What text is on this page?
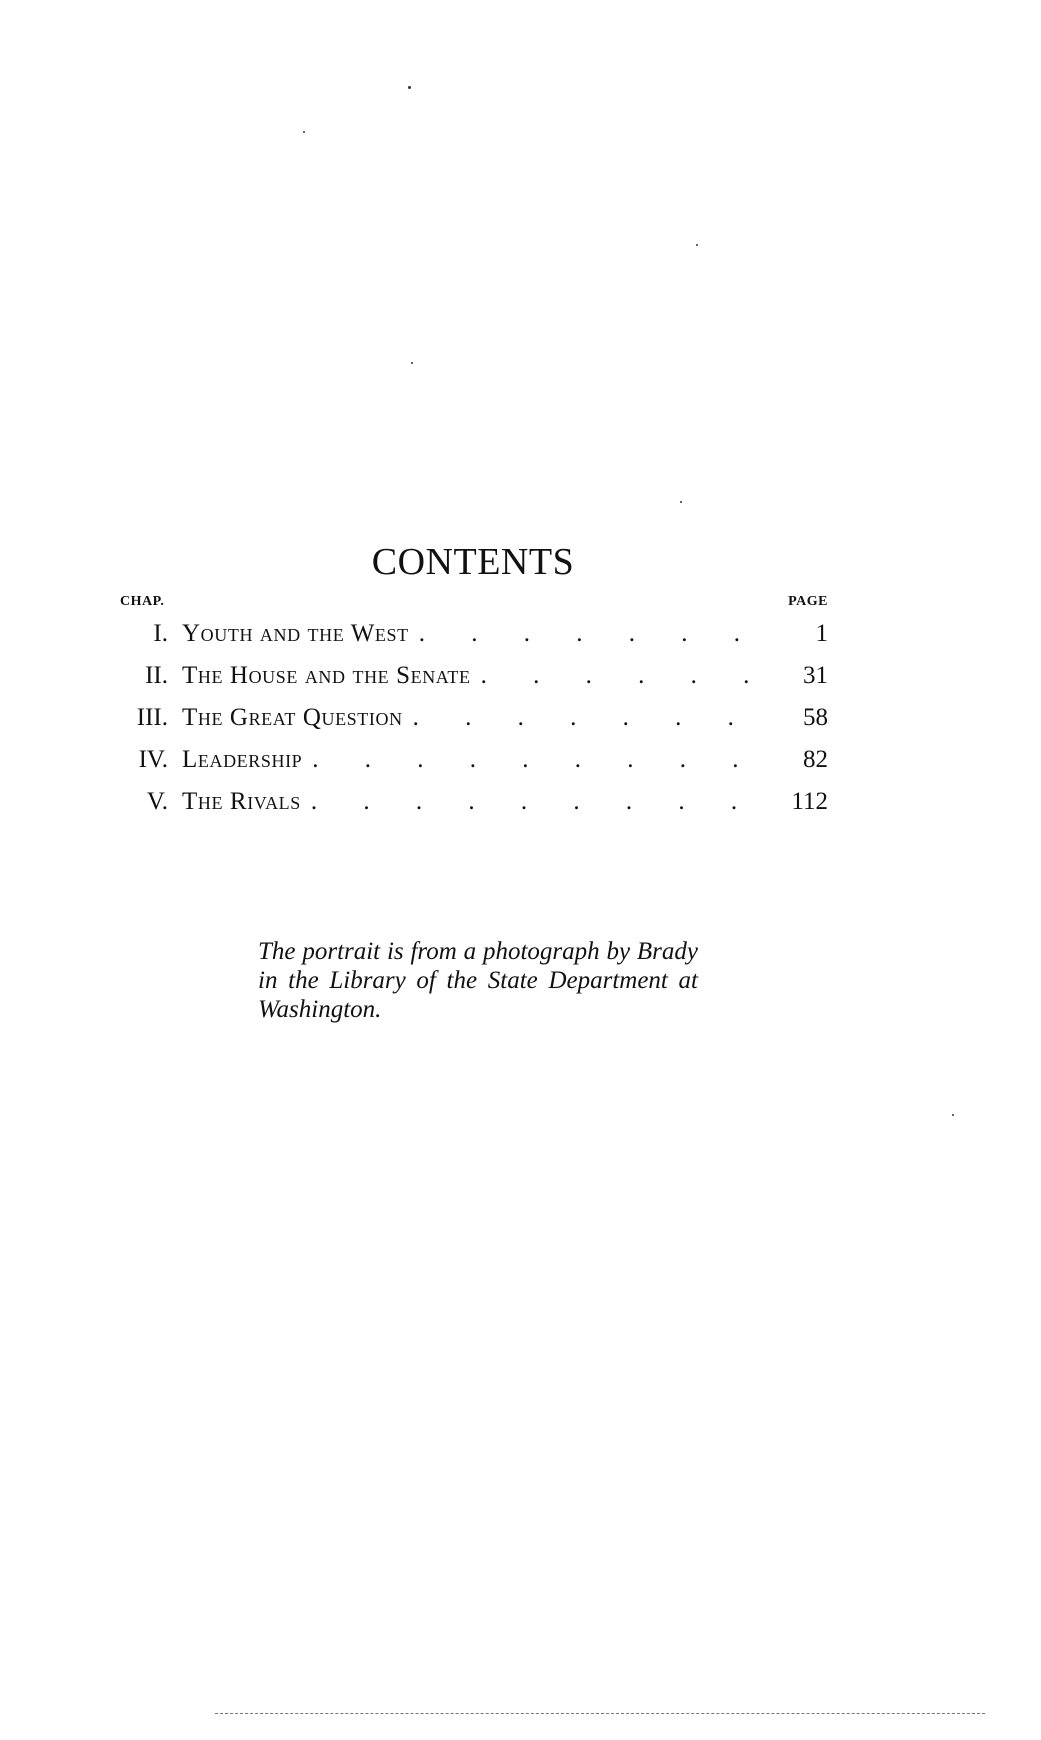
CONTENTS
CHAP.	PAGE
I. Youth and the West . . .	1
II. The House and the Senate . . .	31
III. The Great Question . . .	58
IV. Leadership . . .	82
V. The Rivals . . .	112

The portrait is from a photograph by Brady in the Library of the State Department at Washington.
